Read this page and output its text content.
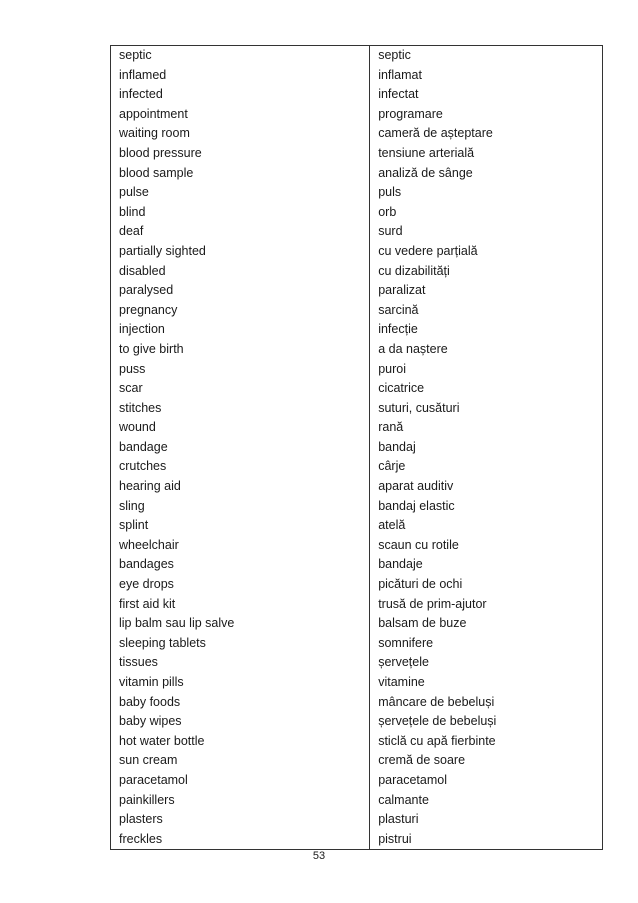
septic	septic
inflamed	inflamat
infected	infectat
appointment	programare
waiting room	cameră de așteptare
blood pressure	tensiune arterială
blood sample	analiză de sânge
pulse	puls
blind	orb
deaf	surd
partially sighted	cu vedere parțială
disabled	cu dizabilități
paralysed	paralizat
pregnancy	sarcină
injection	infecție
to give birth	a da naștere
puss	puroi
scar	cicatrice
stitches	suturi, cusături
wound	rană
bandage	bandaj
crutches	cârje
hearing aid	aparat auditiv
sling	bandaj elastic
splint	atelă
wheelchair	scaun cu rotile
bandages	bandaje
eye drops	picături de ochi
first aid kit	trusă de prim-ajutor
lip balm sau lip salve	balsam de buze
sleeping tablets	somnifere
tissues	șervețele
vitamin pills	vitamine
baby foods	mâncare de bebeluși
baby wipes	șervețele de bebeluși
hot water bottle	sticlă cu apă fierbinte
sun cream	cremă de soare
paracetamol	paracetamol
painkillers	calmante
plasters	plasturi
freckles	pistrui
53
